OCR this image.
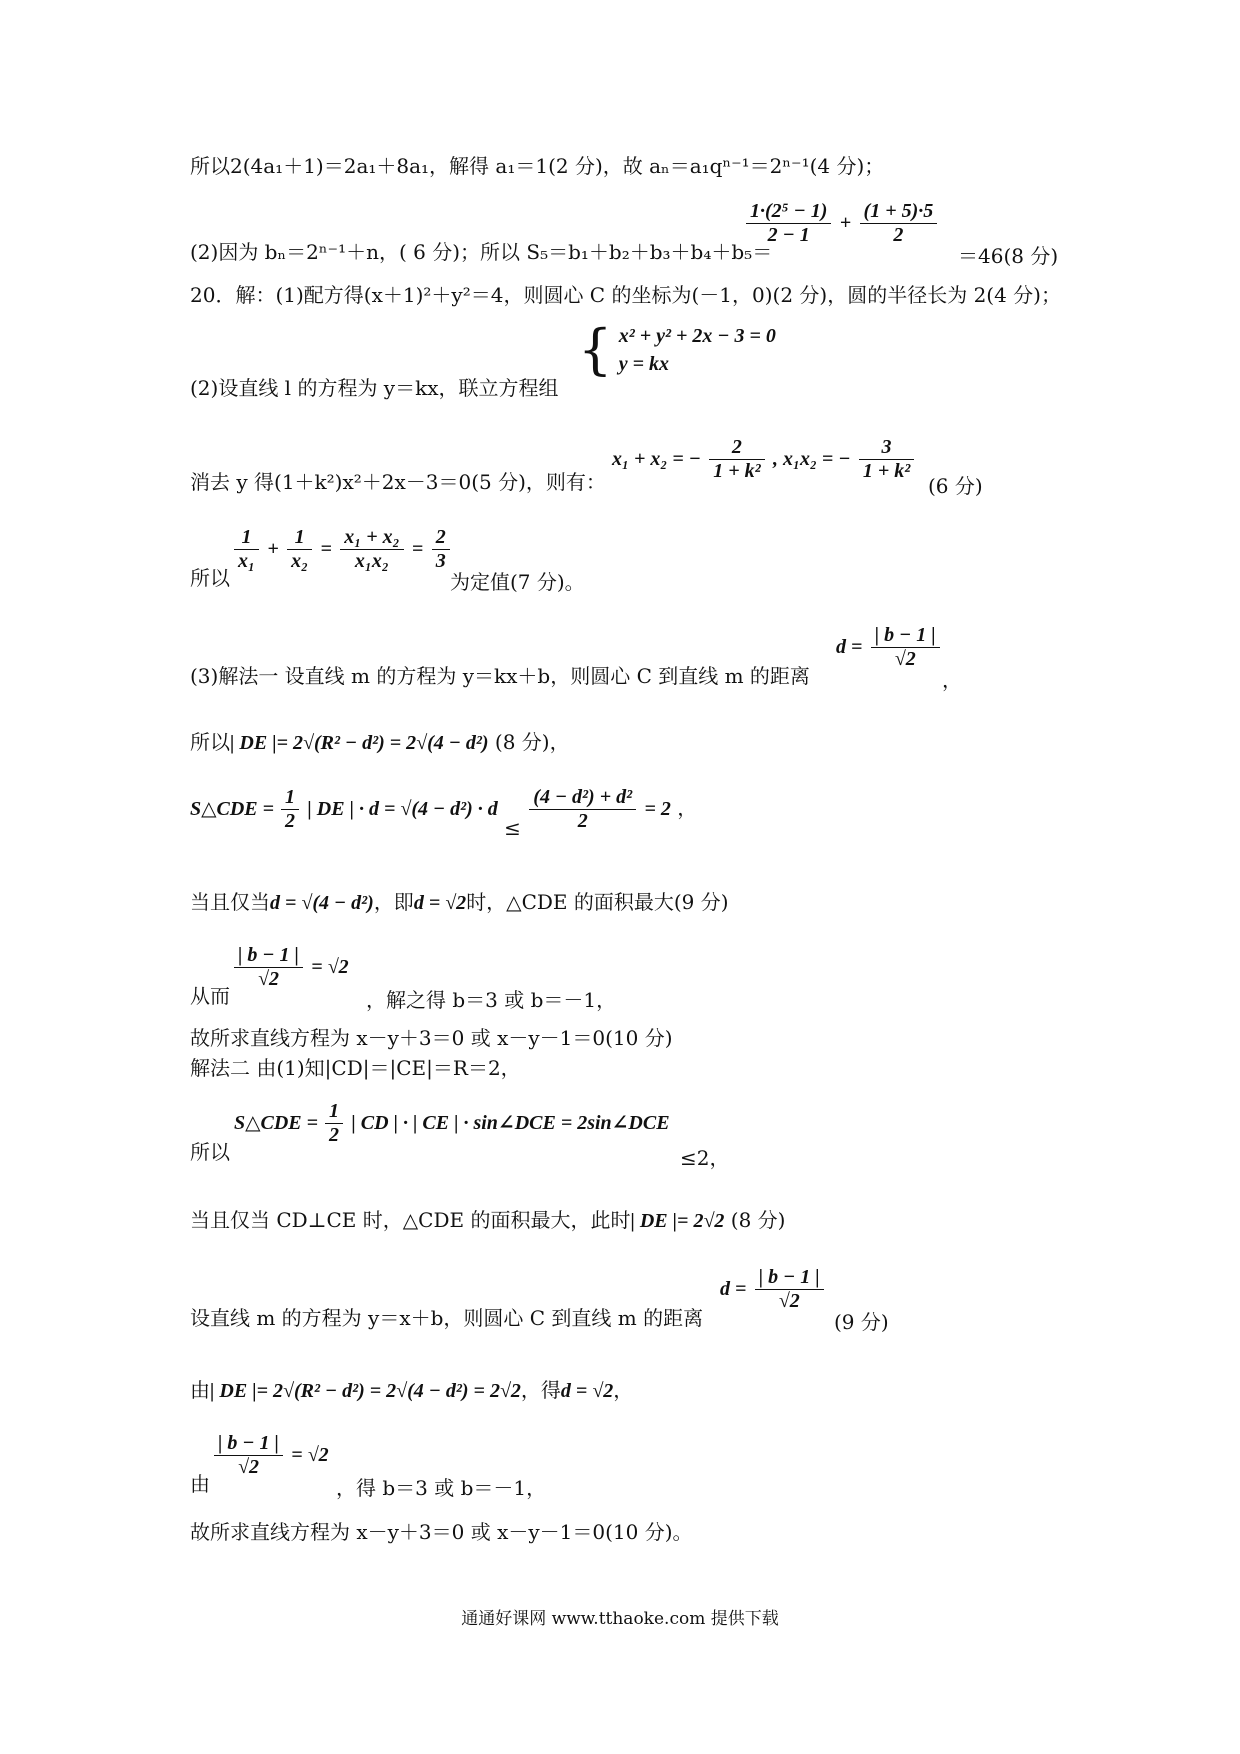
所以2(4a₁＋1)＝2a₁＋8a₁，解得 a₁＝1(2 分)，故 aₙ＝a₁qⁿ⁻¹＝2ⁿ⁻¹(4 分)；
$\frac{\text{1·(2⁵ − 1)}}{2 - 1} + \frac{(1 + 5)\cdot 5}{2}$
(2)因为 bₙ＝2ⁿ⁻¹＋n，( 6 分)；所以 S₅＝b₁＋b₂＋b₃＋b₄＋b₅＝	＝46(8 分)
20．解：(1)配方得(x＋1)²＋y²＝4，则圆心 C 的坐标为(－1，0)(2 分)，圆的半径长为 2(4 分)；
(2)设直线 l 的方程为 y＝kx，联立方程组
{ x² + y² + 2x − 3 = 0
y = kx
消去 y 得(1＋k²)x²＋2x－3＝0(5 分)，则有：
x₁ + x₂ = − $\frac{2}{\text{1 + k²}}$ , x₁x₂ = − $\frac{3}{\text{1 + k²}}$
(6 分)
所以
$\frac{1}{\text{x₁}} + \frac{1}{\text{x₂}} = \frac{\text{x₁ + x₂}}{\text{x₁x₂}} = \frac{2}{3}$
为定值(7 分)。
(3)解法一 设直线 m 的方程为 y＝kx＋b，则圆心 C 到直线 m 的距离
$d = \frac{| b - 1 |}{√2}$
，
所以| DE |= 2√(R² − d²) = 2√(4 − d²) (8 分)，
S△CDE = $\frac{1}{2}$ | DE | · $d = √(4 - d^2) \cdot d \le \frac{\text{(4 − d²) + d²}}{2} = 2$ ，
当且仅当d = √(4 − d²)，即d = √2时，△CDE 的面积最大(9 分)
从而
$\frac{| b - 1 |}{√2} = √2$
，解之得 b＝3 或 b＝－1，
故所求直线方程为 x－y＋3＝0 或 x－y－1＝0(10 分)
解法二 由(1)知|CD|＝|CE|＝R＝2，
所以
S△CDE = $\frac{1}{2}$ | CD | · | CE | · sin∠DCE = 2sin∠DCE
≤2，
当且仅当 CD⊥CE 时，△CDE 的面积最大，此时| DE |= 2√2 (8 分)
设直线 m 的方程为 y＝x＋b，则圆心 C 到直线 m 的距离
$d = \frac{| b - 1 |}{√2}$
(9 分)
由| DE |= 2√(R² − d²) = 2√(4 − d²) = 2√2，得d = √2，
由
$\frac{| b - 1 |}{√2} = √2$
，得 b＝3 或 b＝－1，
故所求直线方程为 x－y＋3＝0 或 x－y－1＝0(10 分)。
通通好课网 www.tthaoke.com 提供下载
